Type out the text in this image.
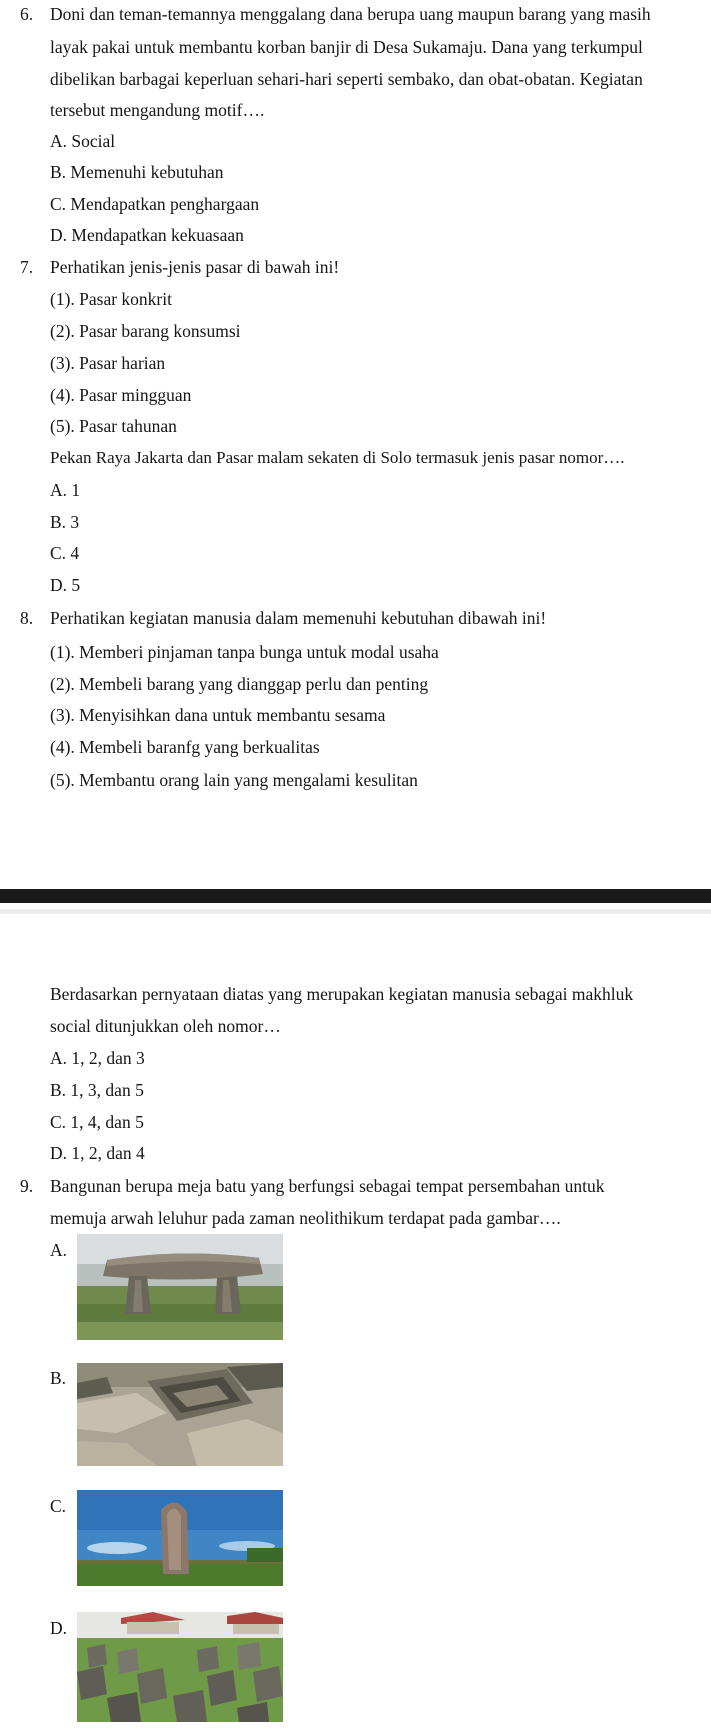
6. Doni dan teman-temannya menggalang dana berupa uang maupun barang yang masih
layak pakai untuk membantu korban banjir di Desa Sukamaju. Dana yang terkumpul
dibelikan barbagai keperluan sehari-hari seperti sembako, dan obat-obatan. Kegiatan
tersebut mengandung motif….
A. Social
B. Memenuhi kebutuhan
C. Mendapatkan penghargaan
D. Mendapatkan kekuasaan
7. Perhatikan jenis-jenis pasar di bawah ini!
(1). Pasar konkrit
(2). Pasar barang konsumsi
(3). Pasar harian
(4). Pasar mingguan
(5). Pasar tahunan
Pekan Raya Jakarta dan Pasar malam sekaten di Solo termasuk jenis pasar nomor….
A. 1
B. 3
C. 4
D. 5
8. Perhatikan kegiatan manusia dalam memenuhi kebutuhan dibawah ini!
(1). Memberi pinjaman tanpa bunga untuk modal usaha
(2). Membeli barang yang dianggap perlu dan penting
(3). Menyisihkan dana untuk membantu sesama
(4). Membeli baranfg yang berkualitas
(5). Membantu orang lain yang mengalami kesulitan
Berdasarkan pernyataan diatas yang merupakan kegiatan manusia sebagai makhluk
social ditunjukkan oleh nomor…
A. 1, 2, dan 3
B. 1, 3, dan 5
C. 1, 4, dan 5
D. 1, 2, dan 4
9. Bangunan berupa meja batu yang berfungsi sebagai tempat persembahan untuk
memuja arwah leluhur pada zaman neolithikum terdapat pada gambar….
A.
B.
C.
D.
